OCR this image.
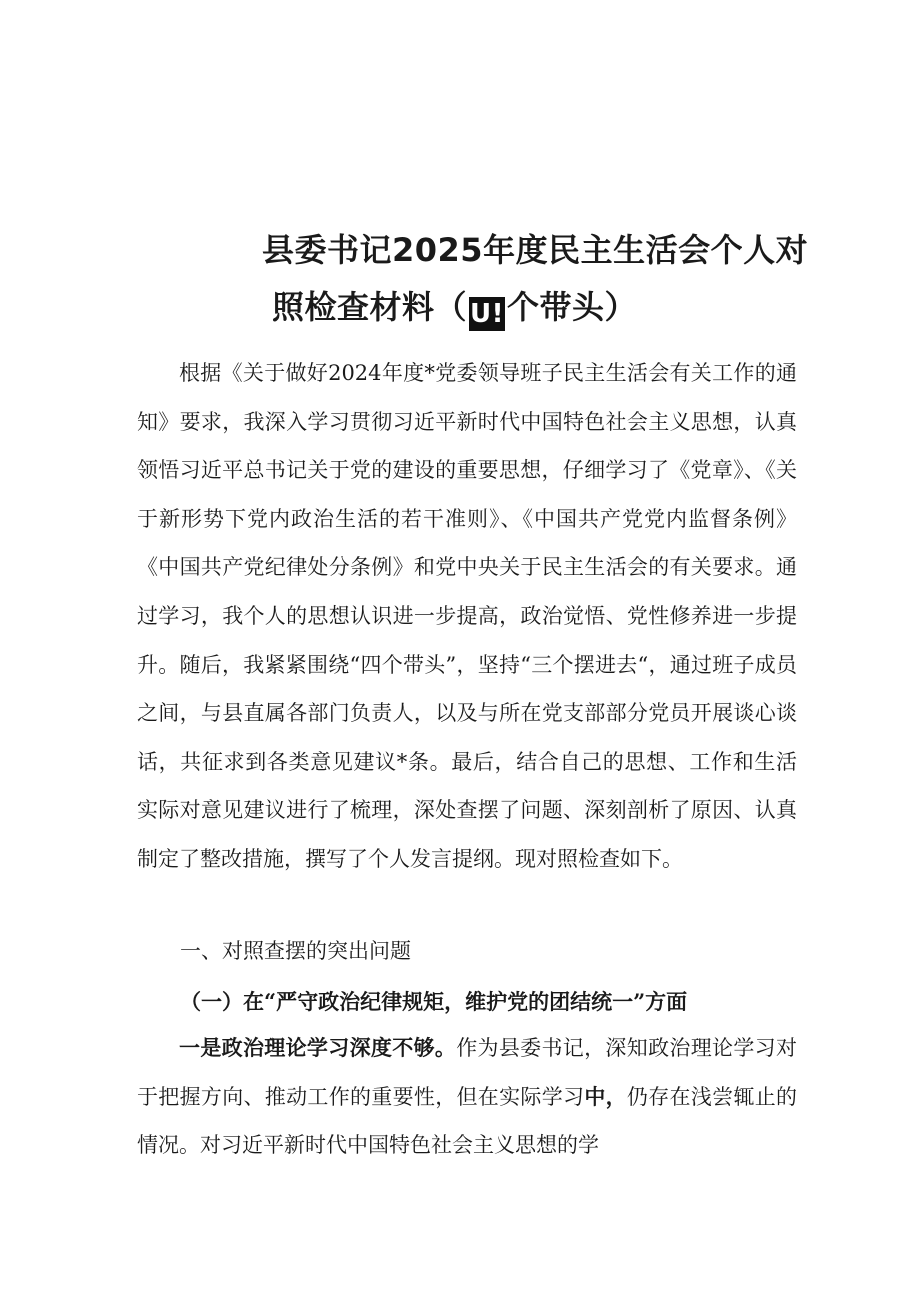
县委书记2025年度民主生活会个人对
照检查材料（ U!个带头）

根据《关于做好2024年度*党委领导班子民主生活会有关工作的通知》要求，我深入学习贯彻习近平新时代中国特色社会主义思想，认真领悟习近平总书记关于党的建设的重要思想，仔细学习了《党章》、《关于新形势下党内政治生活的若干准则》、《中国共产党党内监督条例》《中国共产党纪律处分条例》和党中央关于民主生活会的有关要求。通过学习，我个人的思想认识进一步提高，政治觉悟、党性修养进一步提升。随后，我紧紧围绕“四个带头”，坚持“三个摆进去“，通过班子成员之间，与县直属各部门负责人，以及与所在党支部部分党员开展谈心谈话，共征求到各类意见建议*条。最后，结合自己的思想、工作和生活实际对意见建议进行了梳理，深处查摆了问题、深刻剖析了原因、认真制定了整改措施，撰写了个人发言提纲。现对照检查如下。

一、对照查摆的突出问题
（一）在“严守政治纪律规矩，维护党的团结统一”方面

一是政治理论学习深度不够。作为县委书记，深知政治理论学习对于把握方向、推动工作的重要性，但在实际学习中，仍存在浅尝辄止的情况。对习近平新时代中国特色社会主义思想的学
